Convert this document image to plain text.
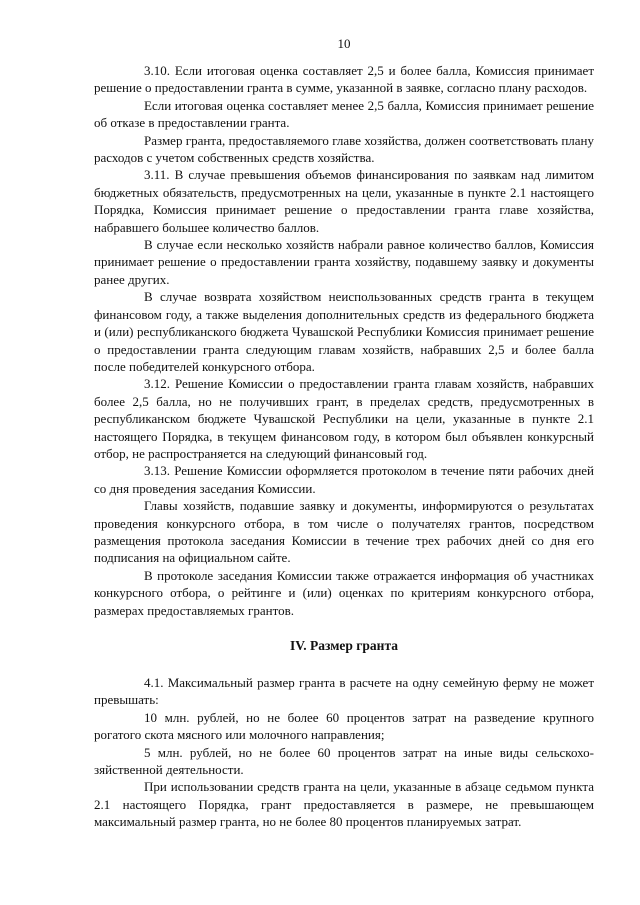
10

3.10. Если итоговая оценка составляет 2,5 и более балла, Комиссия принимает решение о предоставлении гранта в сумме, указанной в заявке, согласно плану расходов.

Если итоговая оценка составляет менее 2,5 балла, Комиссия принимает решение об отказе в предоставлении гранта.

Размер гранта, предоставляемого главе хозяйства, должен соответствовать плану расходов с учетом собственных средств хозяйства.

3.11. В случае превышения объемов финансирования по заявкам над лимитом бюджетных обязательств, предусмотренных на цели, указанные в пункте 2.1 настоящего Порядка, Комиссия принимает решение о предоставлении гранта главе хозяйства, набравшего большее количество баллов.

В случае если несколько хозяйств набрали равное количество баллов, Комиссия принимает решение о предоставлении гранта хозяйству, подавшему заявку и документы ранее других.

В случае возврата хозяйством неиспользованных средств гранта в текущем финансовом году, а также выделения дополнительных средств из федерального бюджета и (или) республиканского бюджета Чувашской Республики Комиссия принимает решение о предоставлении гранта следующим главам хозяйств, набравших 2,5 и более балла после победителей конкурсного отбора.

3.12. Решение Комиссии о предоставлении гранта главам хозяйств, набравших более 2,5 балла, но не получивших грант, в пределах средств, предусмотренных в республиканском бюджете Чувашской Республики на цели, указанные в пункте 2.1 настоящего Порядка, в текущем финансовом году, в котором был объявлен конкурсный отбор, не распространяется на следующий финансовый год.

3.13. Решение Комиссии оформляется протоколом в течение пяти рабочих дней со дня проведения заседания Комиссии.

Главы хозяйств, подавшие заявку и документы, информируются о результатах проведения конкурсного отбора, в том числе о получателях грантов, посредством размещения протокола заседания Комиссии в течение трех рабочих дней со дня его подписания на официальном сайте.

В протоколе заседания Комиссии также отражается информация об участниках конкурсного отбора, о рейтинге и (или) оценках по критериям конкурсного отбора, размерах предоставляемых грантов.

IV. Размер гранта

4.1. Максимальный размер гранта в расчете на одну семейную ферму не может превышать:

10 млн. рублей, но не более 60 процентов затрат на разведение крупного рогатого скота мясного или молочного направления;

5 млн. рублей, но не более 60 процентов затрат на иные виды сельскохозяйственной деятельности.

При использовании средств гранта на цели, указанные в абзаце седьмом пункта 2.1 настоящего Порядка, грант предоставляется в размере, не превышающем максимальный размер гранта, но не более 80 процентов планируемых затрат.
